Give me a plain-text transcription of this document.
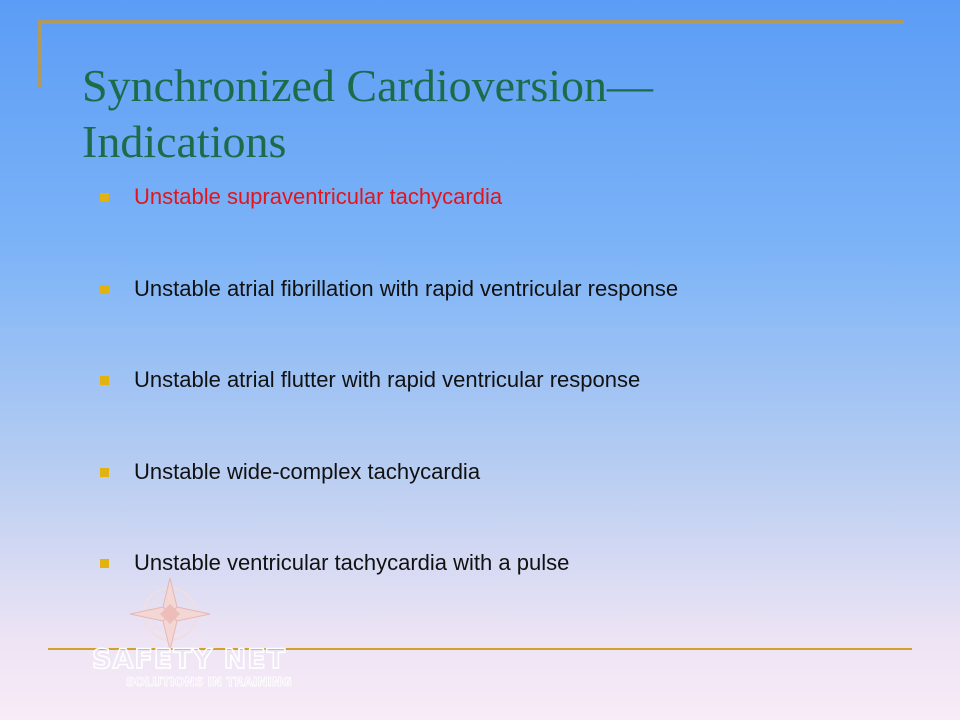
Synchronized Cardioversion—
Indications
Unstable supraventricular tachycardia
Unstable atrial fibrillation with rapid ventricular response
Unstable atrial flutter with rapid ventricular response
Unstable wide-complex tachycardia
Unstable ventricular tachycardia with a pulse
SAFETY NET
SOLUTIONS IN TRAINING
